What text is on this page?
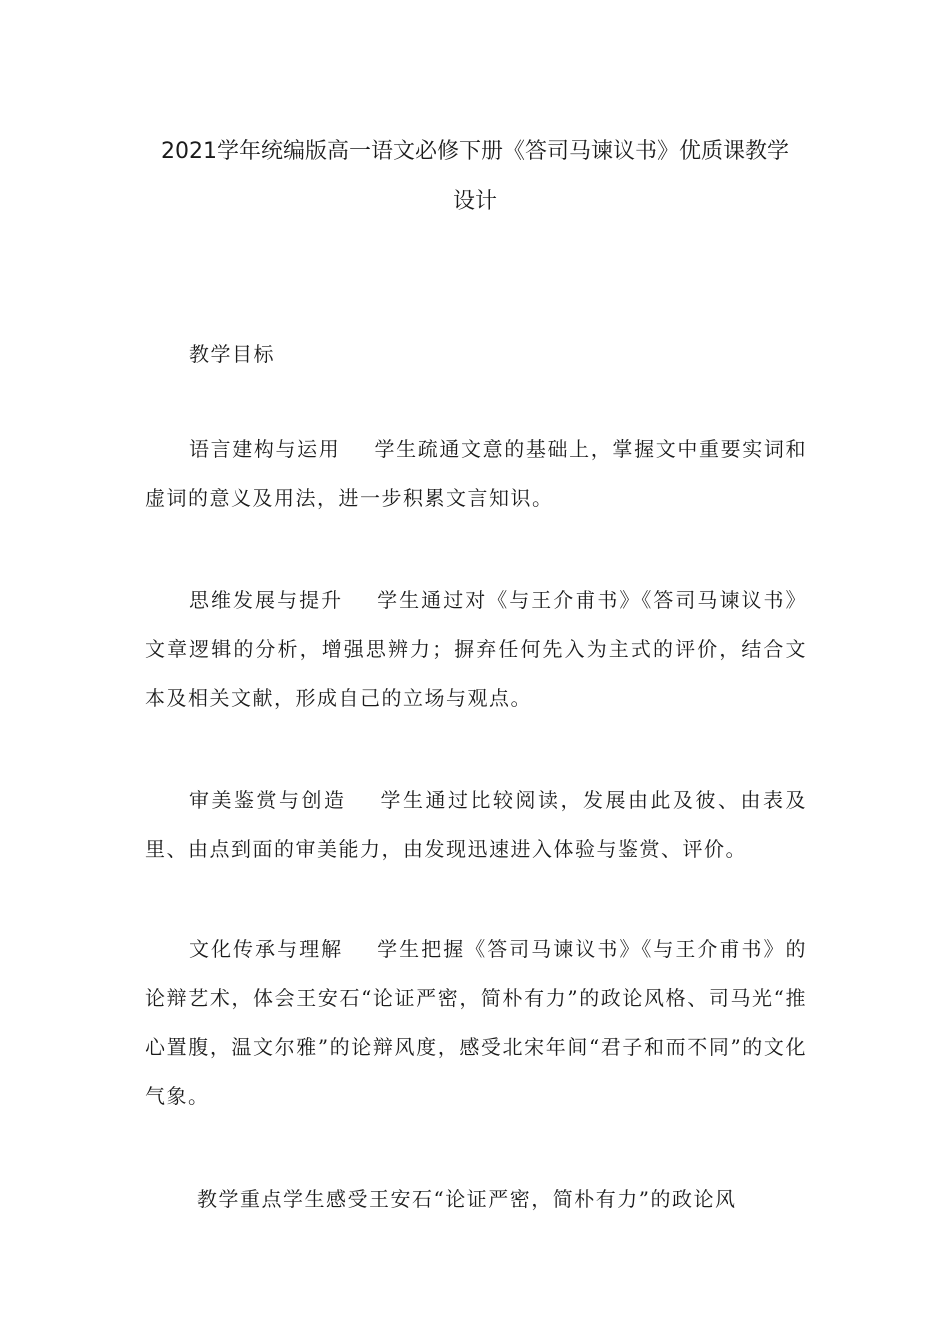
2021学年统编版高一语文必修下册《答司马谏议书》优质课教学
设计
教学目标

语言建构与运用 学生疏通文意的基础上，掌握文中重要实词和虚词的意义及用法，进一步积累文言知识。

思维发展与提升 学生通过对《与王介甫书》《答司马谏议书》文章逻辑的分析，增强思辨力；摒弃任何先入为主式的评价，结合文本及相关文献，形成自己的立场与观点。

审美鉴赏与创造 学生通过比较阅读，发展由此及彼、由表及里、由点到面的审美能力，由发现迅速进入体验与鉴赏、评价。

文化传承与理解 学生把握《答司马谏议书》《与王介甫书》的论辩艺术，体会王安石“论证严密，简朴有力”的政论风格、司马光“推心置腹，温文尔雅”的论辩风度，感受北宋年间“君子和而不同”的文化气象。

教学重点学生感受王安石“论证严密，简朴有力”的政论风
